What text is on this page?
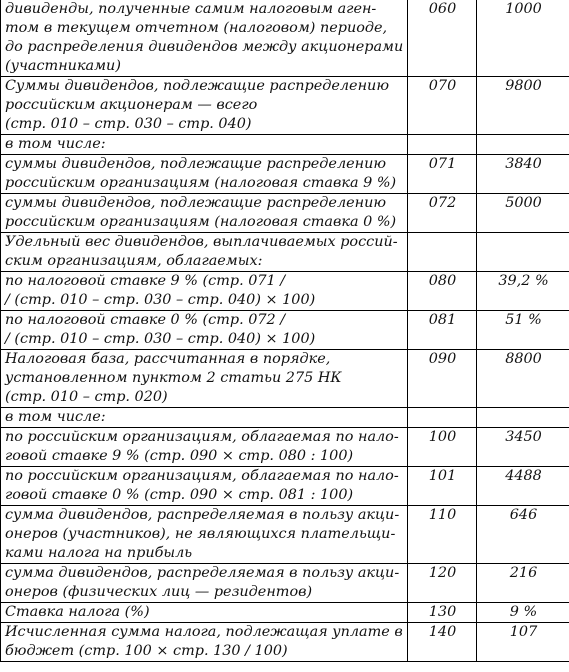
дивиденды, полученные самим налоговым аген-
том в текущем отчетном (налоговом) периоде,
до распределения дивидендов между акционерами
(участниками)	060	1000
Суммы дивидендов, подлежащие распределению
российским акционерам — всего
(стр. 010 – стр. 030 – стр. 040)	070	9800
в том числе:		
суммы дивидендов, подлежащие распределению
российским организациям (налоговая ставка 9 %)	071	3840
суммы дивидендов, подлежащие распределению
российским организациям (налоговая ставка 0 %)	072	5000
Удельный вес дивидендов, выплачиваемых россий-
ским организациям, облагаемых:		
по налоговой ставке 9 % (стр. 071 /
/ (стр. 010 – стр. 030 – стр. 040) × 100)	080	39,2 %
по налоговой ставке 0 % (стр. 072 /
/ (стр. 010 – стр. 030 – стр. 040) × 100)	081	51 %
Налоговая база, рассчитанная в порядке,
установленном пунктом 2 статьи 275 НК
(стр. 010 – стр. 020)	090	8800
в том числе:		
по российским организациям, облагаемая по нало-
говой ставке 9 % (стр. 090 × стр. 080 : 100)	100	3450
по российским организациям, облагаемая по нало-
говой ставке 0 % (стр. 090 × стр. 081 : 100)	101	4488
сумма дивидендов, распределяемая в пользу акци-
онеров (участников), не являющихся плательщи-
ками налога на прибыль	110	646
сумма дивидендов, распределяемая в пользу акци-
онеров (физических лиц — резидентов)	120	216
Ставка налога (%)	130	9 %
Исчисленная сумма налога, подлежащая уплате в
бюджет (стр. 100 × стр. 130 / 100)	140	107
